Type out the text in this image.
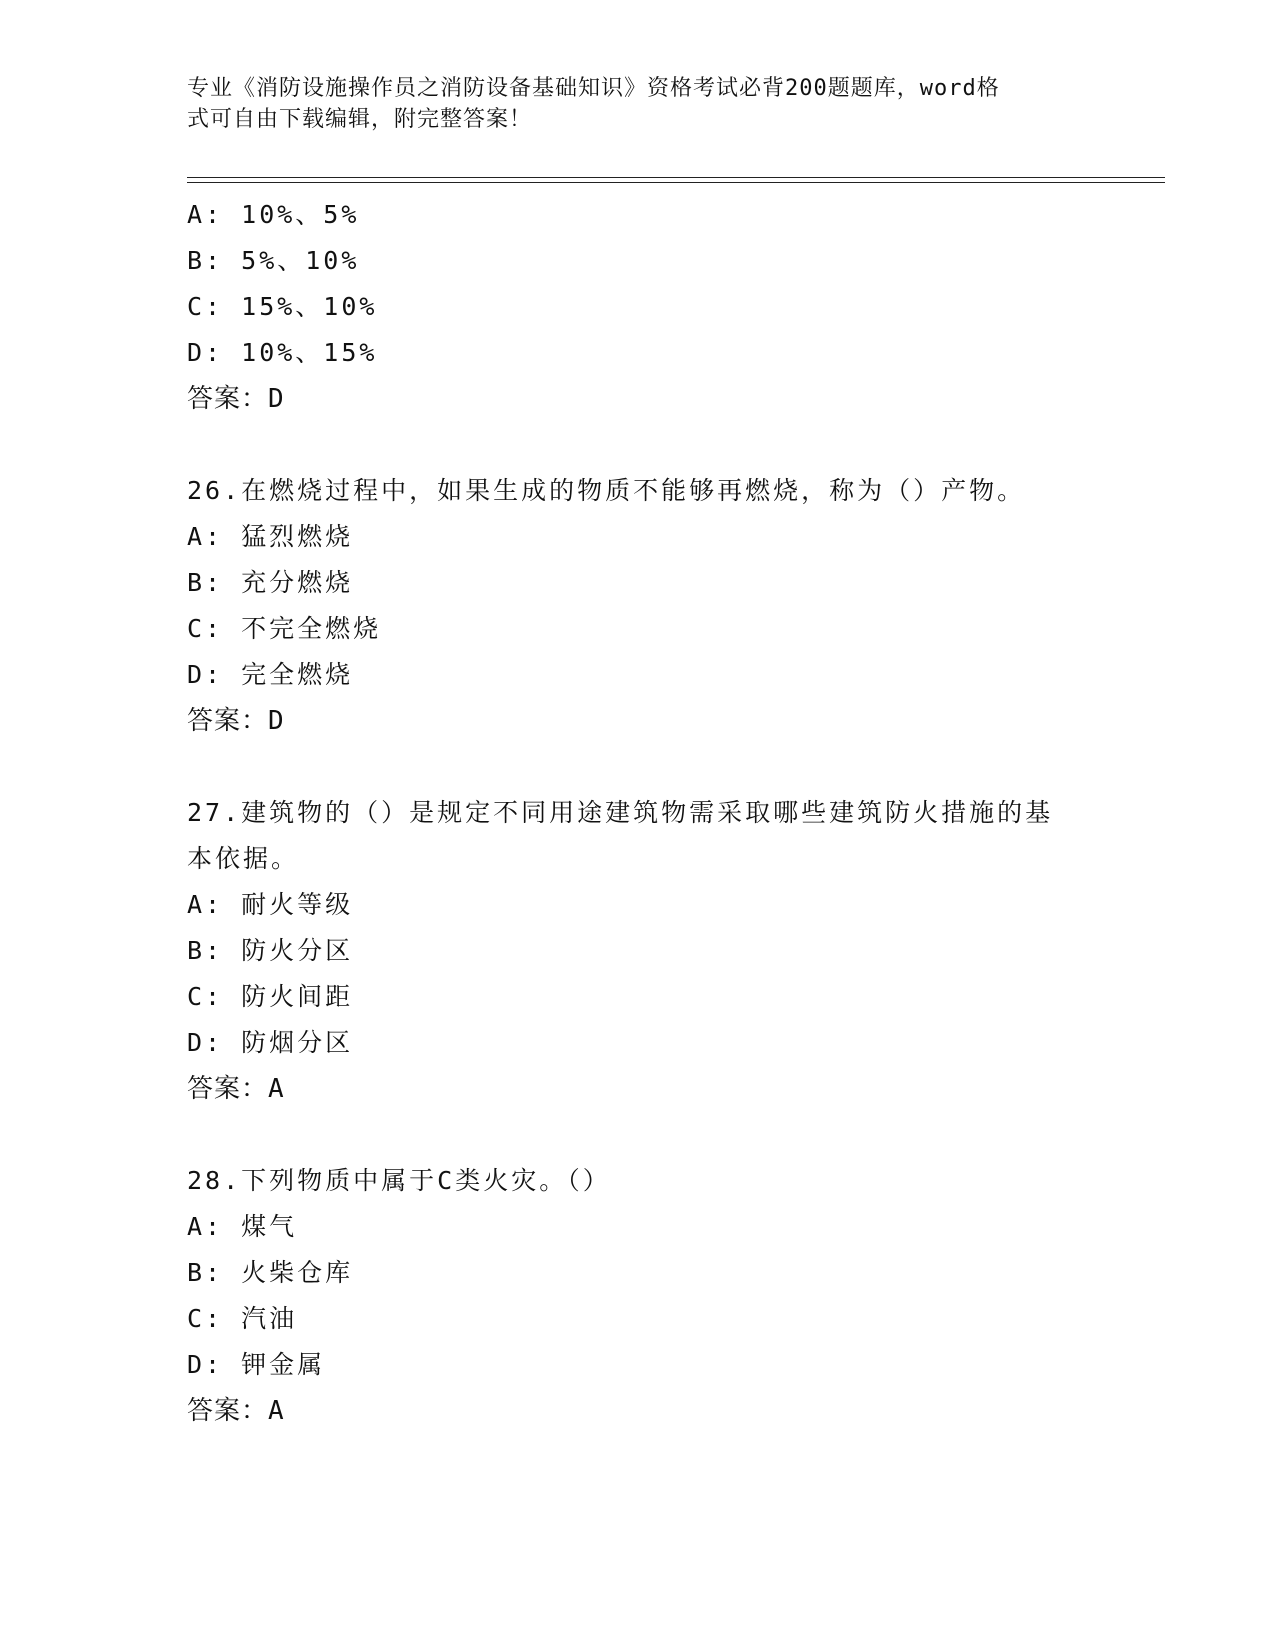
专业《消防设施操作员之消防设备基础知识》资格考试必背200题题库，word格
式可自由下载编辑，附完整答案！
A: 10%、5%
B: 5%、10%
C: 15%、10%
D: 10%、15%
答案：D
26.在燃烧过程中，如果生成的物质不能够再燃烧，称为（）产物。
A: 猛烈燃烧
B: 充分燃烧
C: 不完全燃烧
D: 完全燃烧
答案：D
27.建筑物的（）是规定不同用途建筑物需采取哪些建筑防火措施的基
本依据。
A: 耐火等级
B: 防火分区
C: 防火间距
D: 防烟分区
答案：A
28.下列物质中属于C类火灾。（）
A: 煤气
B: 火柴仓库
C: 汽油
D: 钾金属
答案：A
